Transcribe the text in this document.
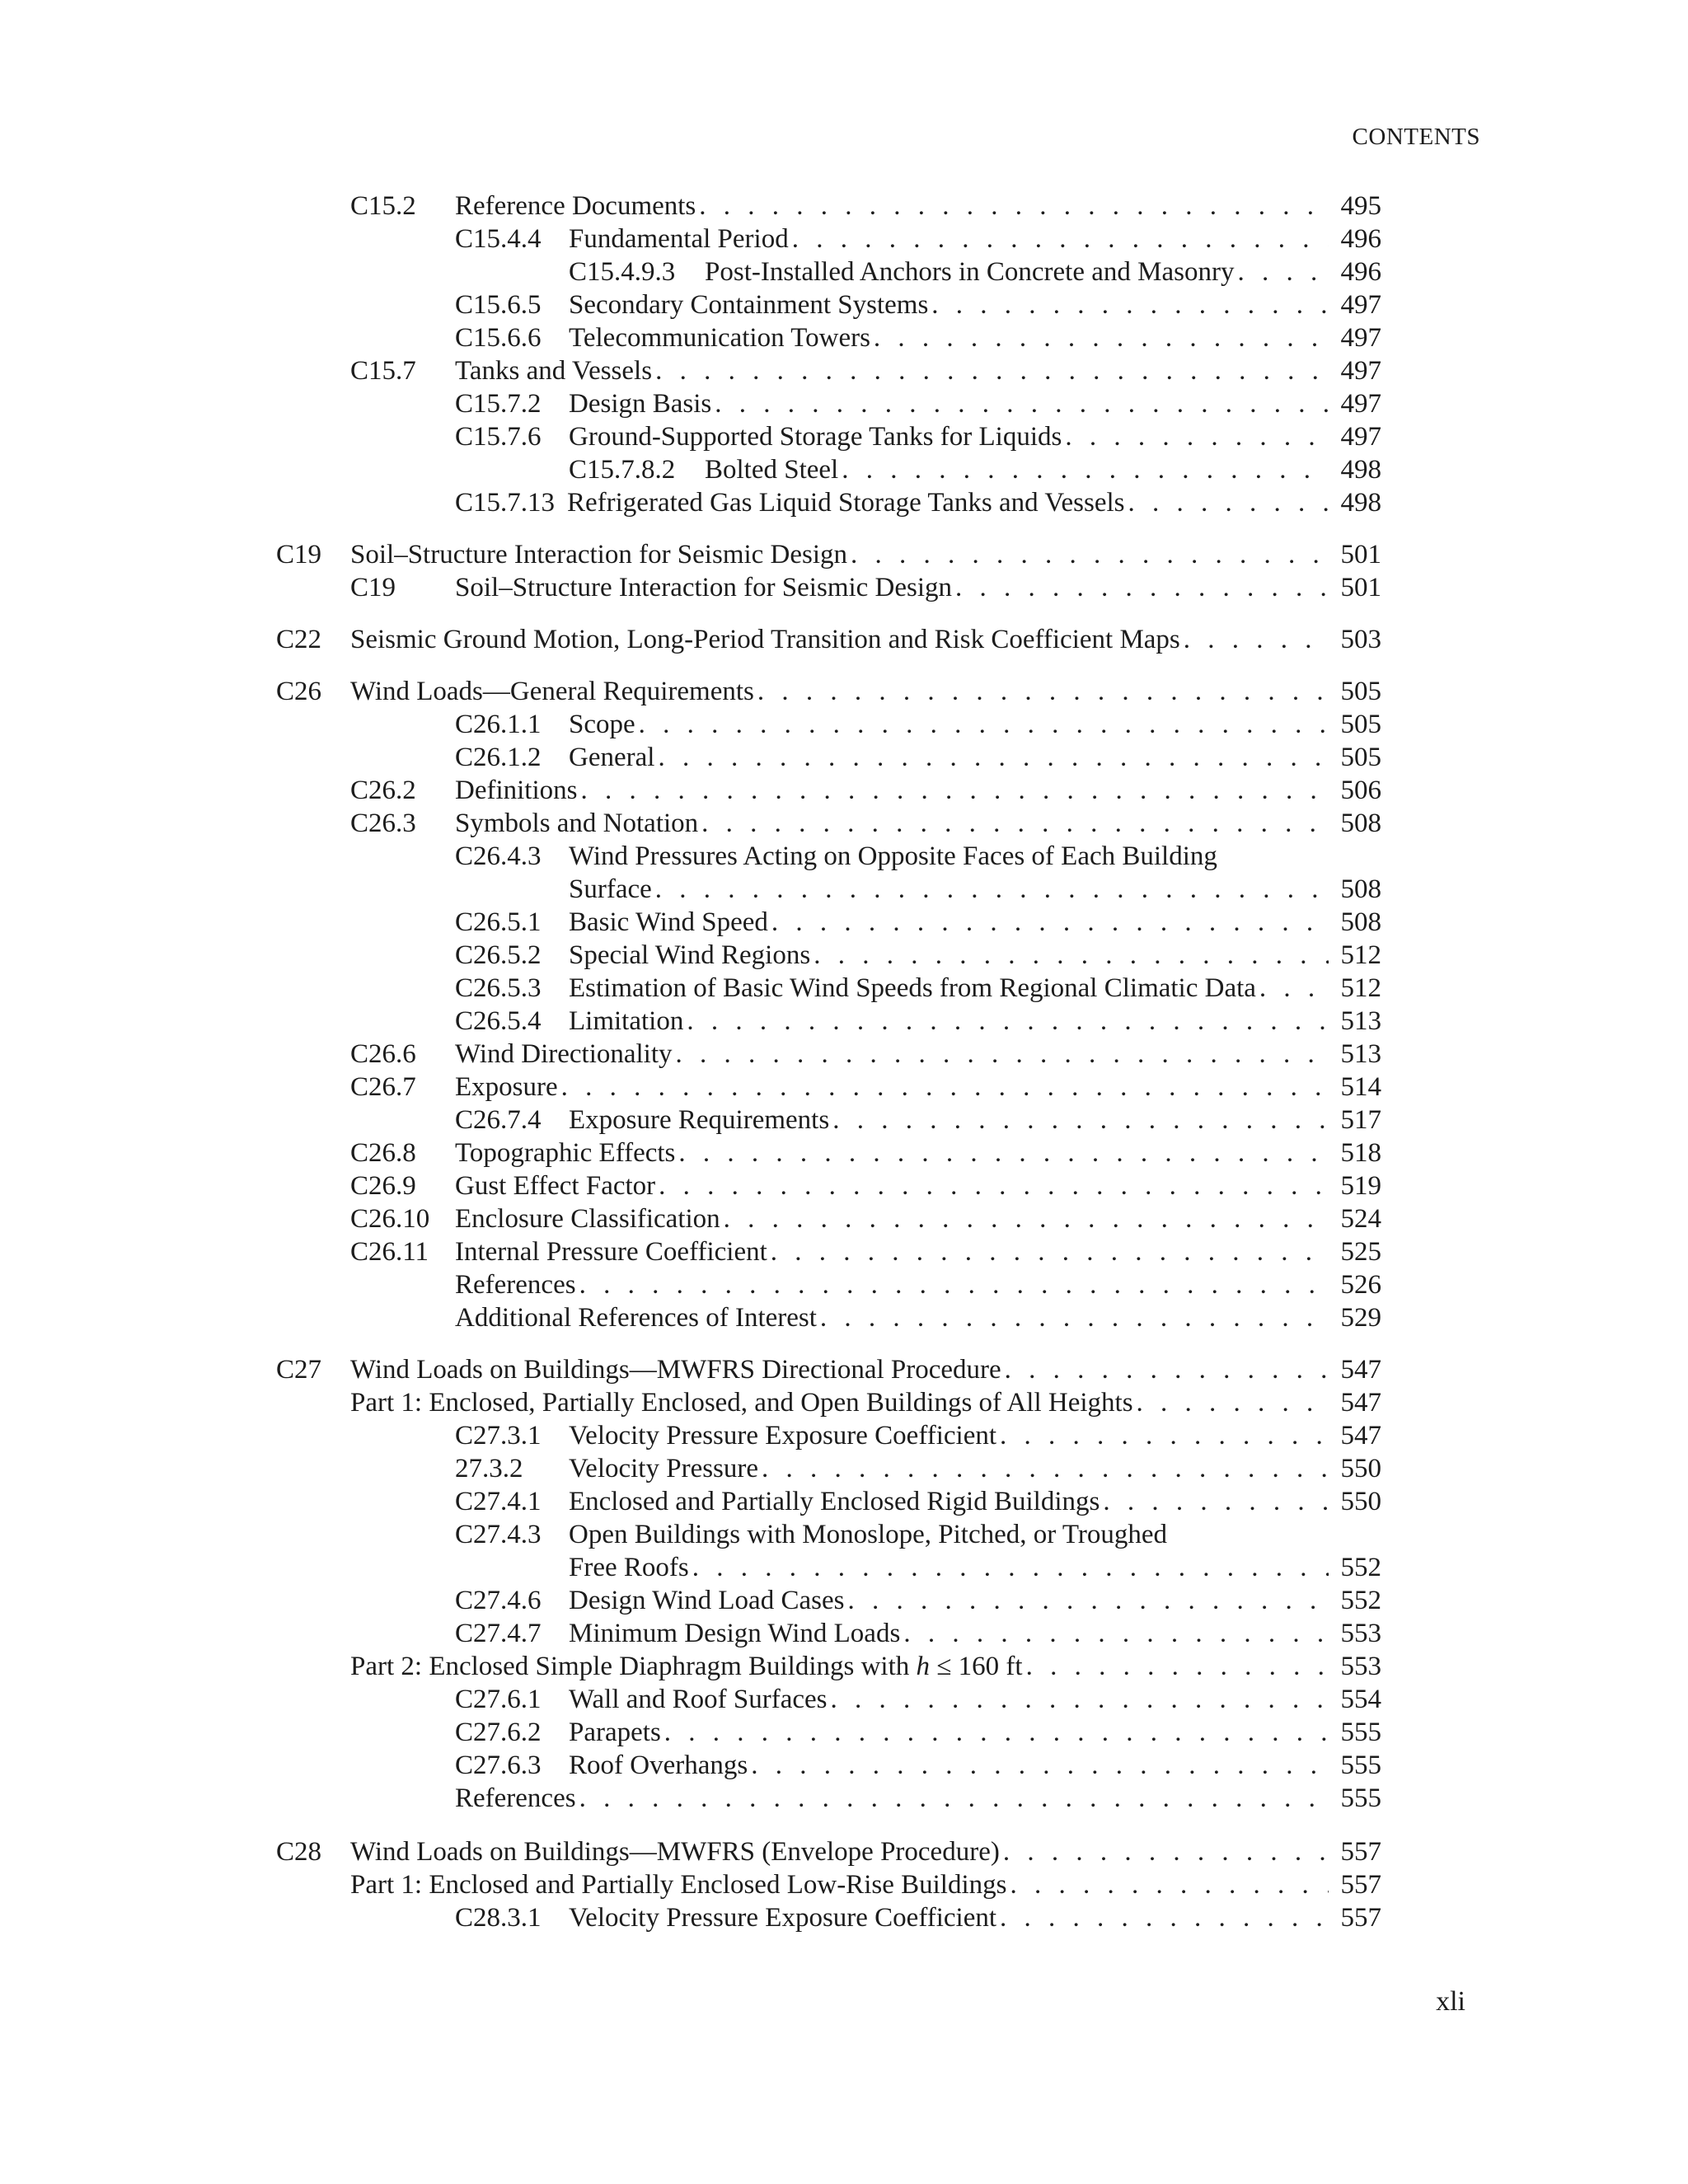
CONTENTS
C15.2 Reference Documents . . .	495
C15.4.4 Fundamental Period . . .	496
C15.4.9.3 Post-Installed Anchors in Concrete and Masonry . . .	496
C15.6.5 Secondary Containment Systems . . .	497
C15.6.6 Telecommunication Towers . . .	497
C15.7 Tanks and Vessels . . .	497
C15.7.2 Design Basis . . .	497
C15.7.6 Ground-Supported Storage Tanks for Liquids . . .	497
C15.7.8.2 Bolted Steel . . .	498
C15.7.13 Refrigerated Gas Liquid Storage Tanks and Vessels . . .	498
C19 Soil–Structure Interaction for Seismic Design . . .	501
C19 Soil–Structure Interaction for Seismic Design . . .	501
C22 Seismic Ground Motion, Long-Period Transition and Risk Coefficient Maps . . .	503
C26 Wind Loads—General Requirements . . .	505
C26.1.1 Scope . . .	505
C26.1.2 General . . .	505
C26.2 Definitions . . .	506
C26.3 Symbols and Notation . . .	508
C26.4.3 Wind Pressures Acting on Opposite Faces of Each Building
Surface . . .	508
C26.5.1 Basic Wind Speed . . .	508
C26.5.2 Special Wind Regions . . .	512
C26.5.3 Estimation of Basic Wind Speeds from Regional Climatic Data . . .	512
C26.5.4 Limitation . . .	513
C26.6 Wind Directionality . . .	513
C26.7 Exposure . . .	514
C26.7.4 Exposure Requirements . . .	517
C26.8 Topographic Effects . . .	518
C26.9 Gust Effect Factor . . .	519
C26.10 Enclosure Classification . . .	524
C26.11 Internal Pressure Coefficient . . .	525
References . . .	526
Additional References of Interest . . .	529
C27 Wind Loads on Buildings—MWFRS Directional Procedure . . .	547
Part 1: Enclosed, Partially Enclosed, and Open Buildings of All Heights . . .	547
C27.3.1 Velocity Pressure Exposure Coefficient . . .	547
27.3.2 Velocity Pressure . . .	550
C27.4.1 Enclosed and Partially Enclosed Rigid Buildings . . .	550
C27.4.3 Open Buildings with Monoslope, Pitched, or Troughed
Free Roofs . . .	552
C27.4.6 Design Wind Load Cases . . .	552
C27.4.7 Minimum Design Wind Loads . . .	553
Part 2: Enclosed Simple Diaphragm Buildings with h ≤ 160 ft . . .	553
C27.6.1 Wall and Roof Surfaces . . .	554
C27.6.2 Parapets . . .	555
C27.6.3 Roof Overhangs . . .	555
References . . .	555
C28 Wind Loads on Buildings—MWFRS (Envelope Procedure) . . .	557
Part 1: Enclosed and Partially Enclosed Low-Rise Buildings . . .	557
C28.3.1 Velocity Pressure Exposure Coefficient . . .	557
xli
